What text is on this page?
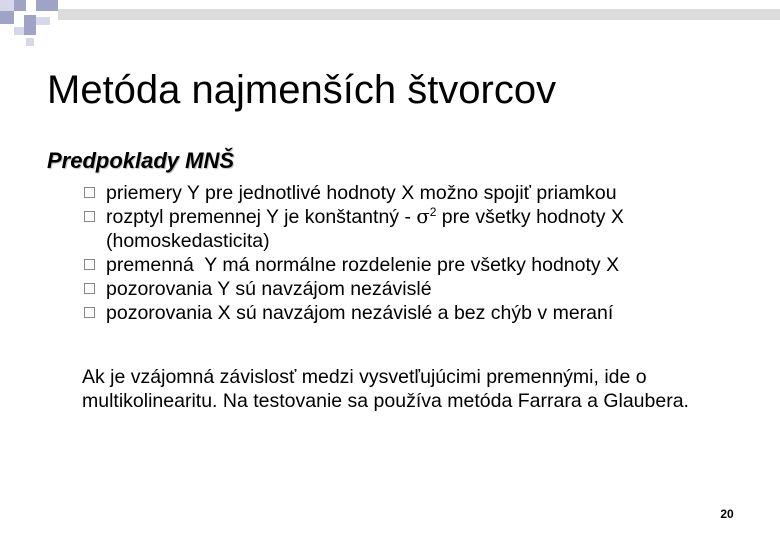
Metóda najmenších štvorcov
Predpoklady MNŠ
priemery Y pre jednotlivé hodnoty X možno spojiť priamkou
rozptyl premennej Y je konštantný - $\sigma^2$ pre všetky hodnoty X (homoskedasticita)
premenná  Y má normálne rozdelenie pre všetky hodnoty X
pozorovania Y sú navzájom nezávislé
pozorovania X sú navzájom nezávislé a bez chýb v meraní

Ak je vzájomná závislosť medzi vysvetľujúcimi premennými, ide o multikolinearitu. Na testovanie sa používa metóda Farrara a Glaubera.

20
